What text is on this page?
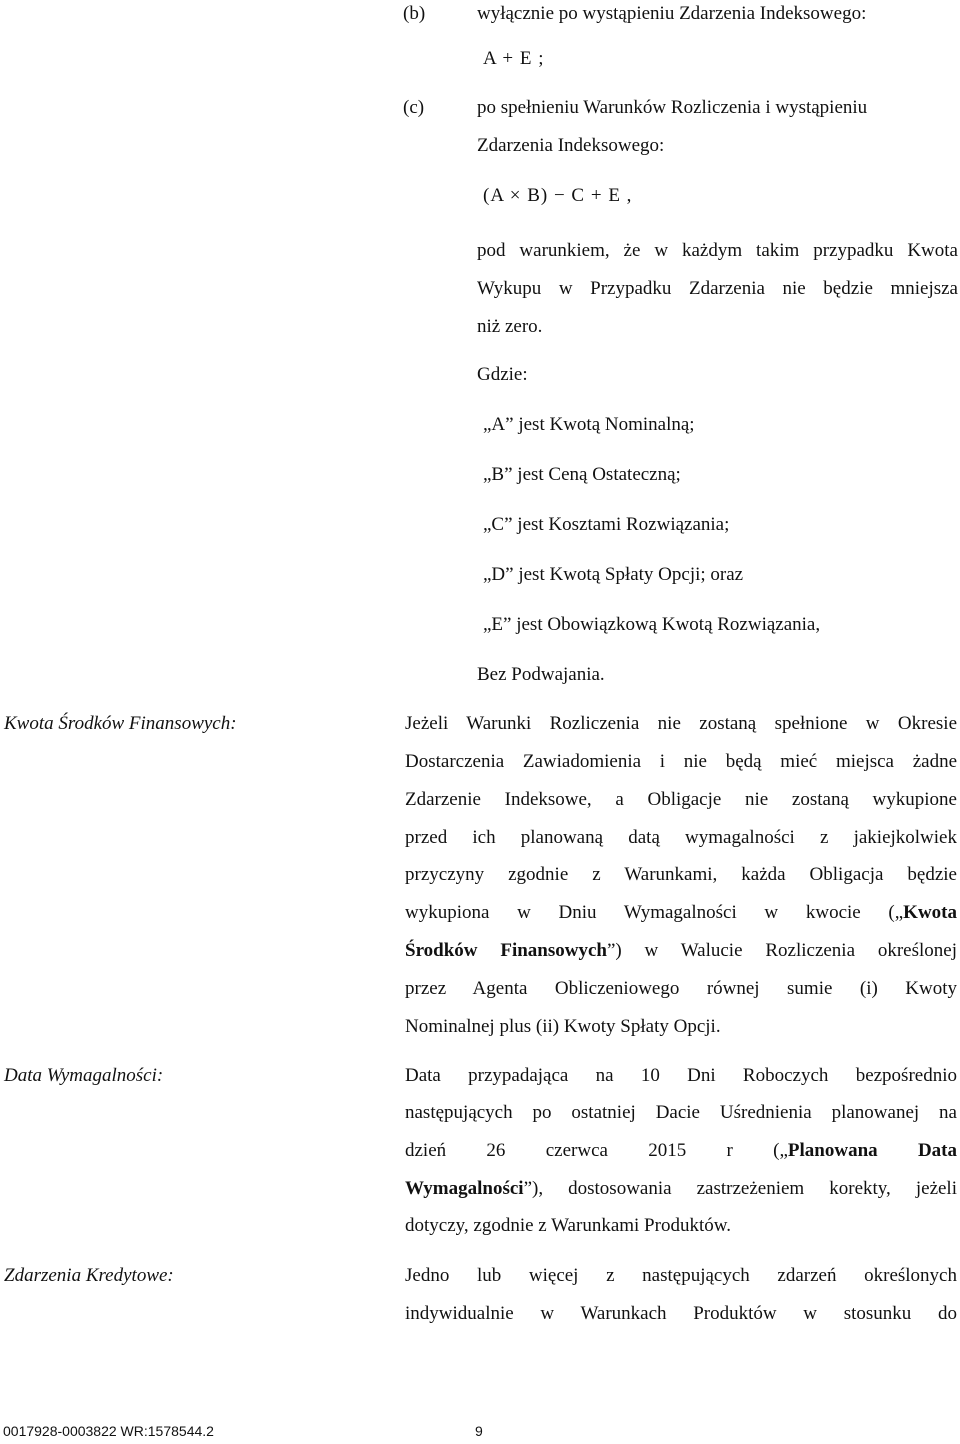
(b)	wyłącznie po wystąpieniu Zdarzenia Indeksowego:
A + E ;
(c)	po spełnieniu Warunków Rozliczenia i wystąpieniu
Zdarzenia Indeksowego:
(A × B) − C + E ,
pod warunkiem, że w każdym takim przypadku Kwota
Wykupu w Przypadku Zdarzenia nie będzie mniejsza
niż zero.
Gdzie:
„A” jest Kwotą Nominalną;
„B” jest Ceną Ostateczną;
„C” jest Kosztami Rozwiązania;
„D” jest Kwotą Spłaty Opcji; oraz
„E” jest Obowiązkową Kwotą Rozwiązania,
Bez Podwajania.
Kwota Środków Finansowych:	Jeżeli Warunki Rozliczenia nie zostaną spełnione w Okresie
Dostarczenia Zawiadomienia i nie będą mieć miejsca żadne
Zdarzenie Indeksowe, a Obligacje nie zostaną wykupione
przed ich planowaną datą wymagalności z jakiejkolwiek
przyczyny zgodnie z Warunkami, każda Obligacja będzie
wykupiona w Dniu Wymagalności w kwocie („Kwota
Środków Finansowych”) w Walucie Rozliczenia określonej
przez Agenta Obliczeniowego równej sumie (i) Kwoty
Nominalnej plus (ii) Kwoty Spłaty Opcji.
Data Wymagalności:	Data przypadająca na 10 Dni Roboczych bezpośrednio
następujących po ostatniej Dacie Uśrednienia planowanej na
dzień 26 czerwca 2015 r („Planowana Data
Wymagalności”), dostosowania zastrzeżeniem korekty, jeżeli
dotyczy, zgodnie z Warunkami Produktów.
Zdarzenia Kredytowe:	Jedno lub więcej z następujących zdarzeń określonych
indywidualnie w Warunkach Produktów w stosunku do
0017928-0003822 WR:1578544.2	9
